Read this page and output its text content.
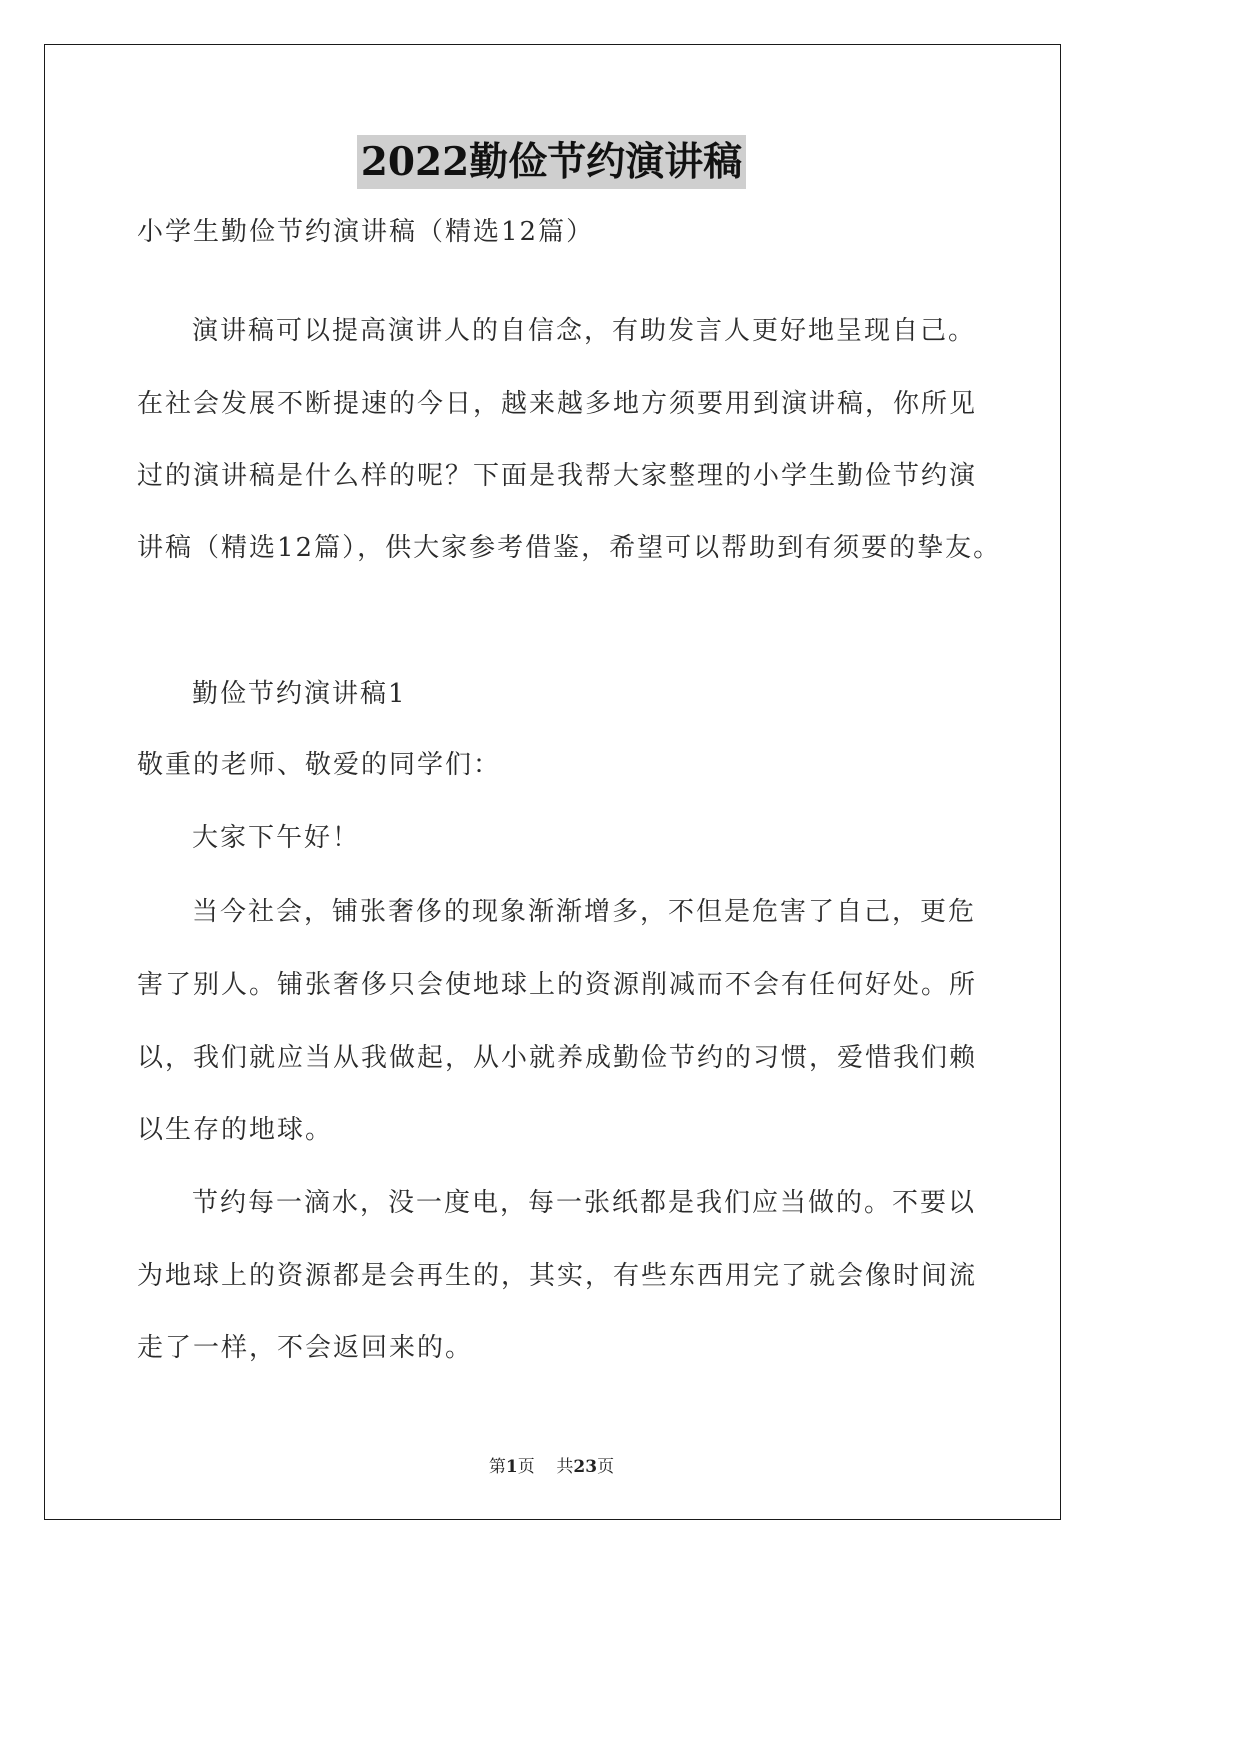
2022勤俭节约演讲稿
小学生勤俭节约演讲稿（精选12篇）
演讲稿可以提高演讲人的自信念，有助发言人更好地呈现自己。
在社会发展不断提速的今日，越来越多地方须要用到演讲稿，你所见
过的演讲稿是什么样的呢？下面是我帮大家整理的小学生勤俭节约演
讲稿（精选12篇），供大家参考借鉴，希望可以帮助到有须要的挚友。
勤俭节约演讲稿1
敬重的老师、敬爱的同学们：
大家下午好！
当今社会，铺张奢侈的现象渐渐增多，不但是危害了自己，更危
害了别人。铺张奢侈只会使地球上的资源削减而不会有任何好处。所
以，我们就应当从我做起，从小就养成勤俭节约的习惯，爱惜我们赖
以生存的地球。
节约每一滴水，没一度电，每一张纸都是我们应当做的。不要以
为地球上的资源都是会再生的，其实，有些东西用完了就会像时间流
走了一样，不会返回来的。
第1页 共23页
